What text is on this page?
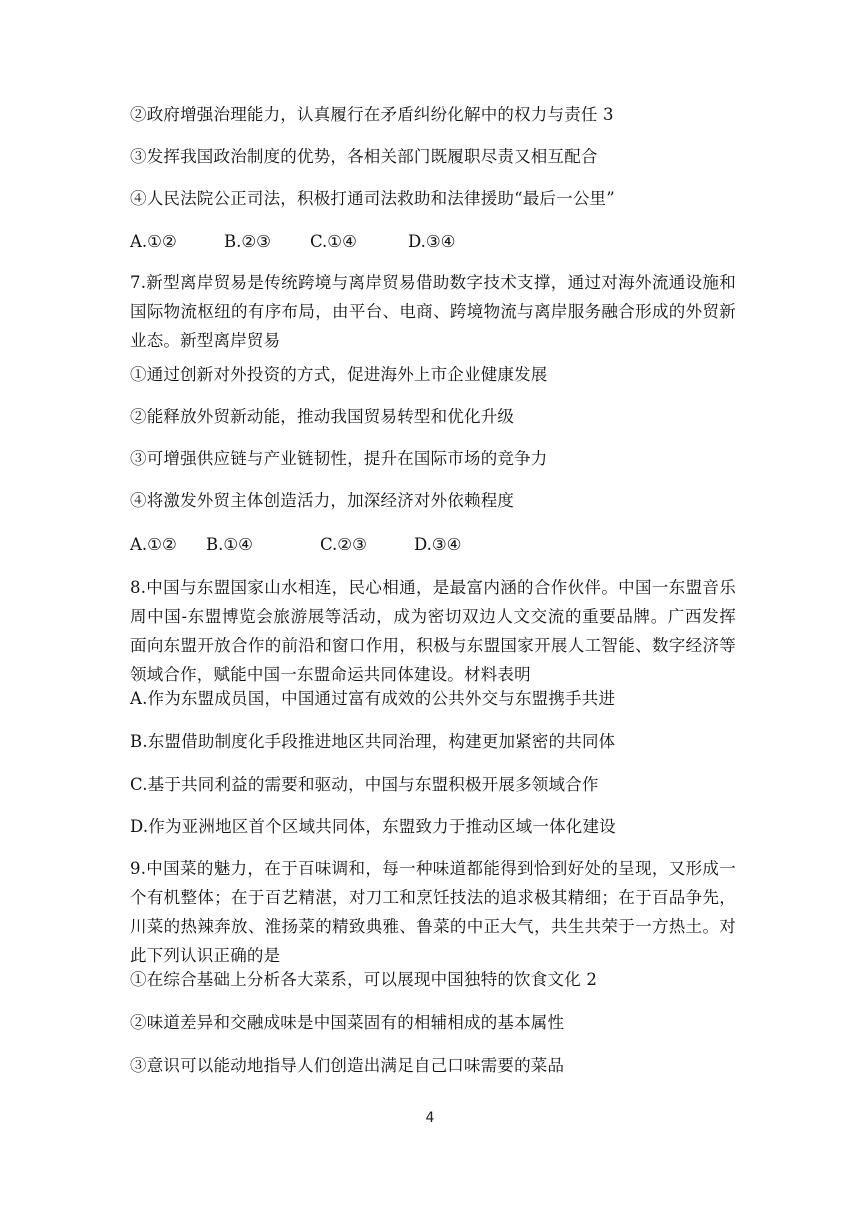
②政府增强治理能力，认真履行在矛盾纠纷化解中的权力与责任 3
③发挥我国政治制度的优势，各相关部门既履职尽责又相互配合
④人民法院公正司法，积极打通司法救助和法律援助“最后一公里”
A.①②	B.②③ C.①④	D.③④
7.新型离岸贸易是传统跨境与离岸贸易借助数字技术支撑，通过对海外流通设施和国际物流枢纽的有序布局，由平台、电商、跨境物流与离岸服务融合形成的外贸新业态。新型离岸贸易
①通过创新对外投资的方式，促进海外上市企业健康发展
②能释放外贸新动能，推动我国贸易转型和优化升级
③可增强供应链与产业链韧性，提升在国际市场的竞争力
④将激发外贸主体创造活力，加深经济对外依赖程度
A.①② B.①④	C.②③	D.③④
8.中国与东盟国家山水相连，民心相通，是最富内涵的合作伙伴。中国一东盟音乐周中国-东盟博览会旅游展等活动，成为密切双边人文交流的重要品牌。广西发挥面向东盟开放合作的前沿和窗口作用，积极与东盟国家开展人工智能、数字经济等领域合作，赋能中国一东盟命运共同体建设。材料表明
A.作为东盟成员国，中国通过富有成效的公共外交与东盟携手共进
B.东盟借助制度化手段推进地区共同治理，构建更加紧密的共同体
C.基于共同利益的需要和驱动，中国与东盟积极开展多领域合作
D.作为亚洲地区首个区域共同体，东盟致力于推动区域一体化建设
9.中国菜的魅力，在于百味调和，每一种味道都能得到恰到好处的呈现，又形成一个有机整体；在于百艺精湛，对刀工和烹饪技法的追求极其精细；在于百品争先，川菜的热辣奔放、淮扬菜的精致典雅、鲁菜的中正大气，共生共荣于一方热土。对此下列认识正确的是
①在综合基础上分析各大菜系，可以展现中国独特的饮食文化 2
②味道差异和交融成味是中国菜固有的相辅相成的基本属性
③意识可以能动地指导人们创造出满足自己口味需要的菜品
4
